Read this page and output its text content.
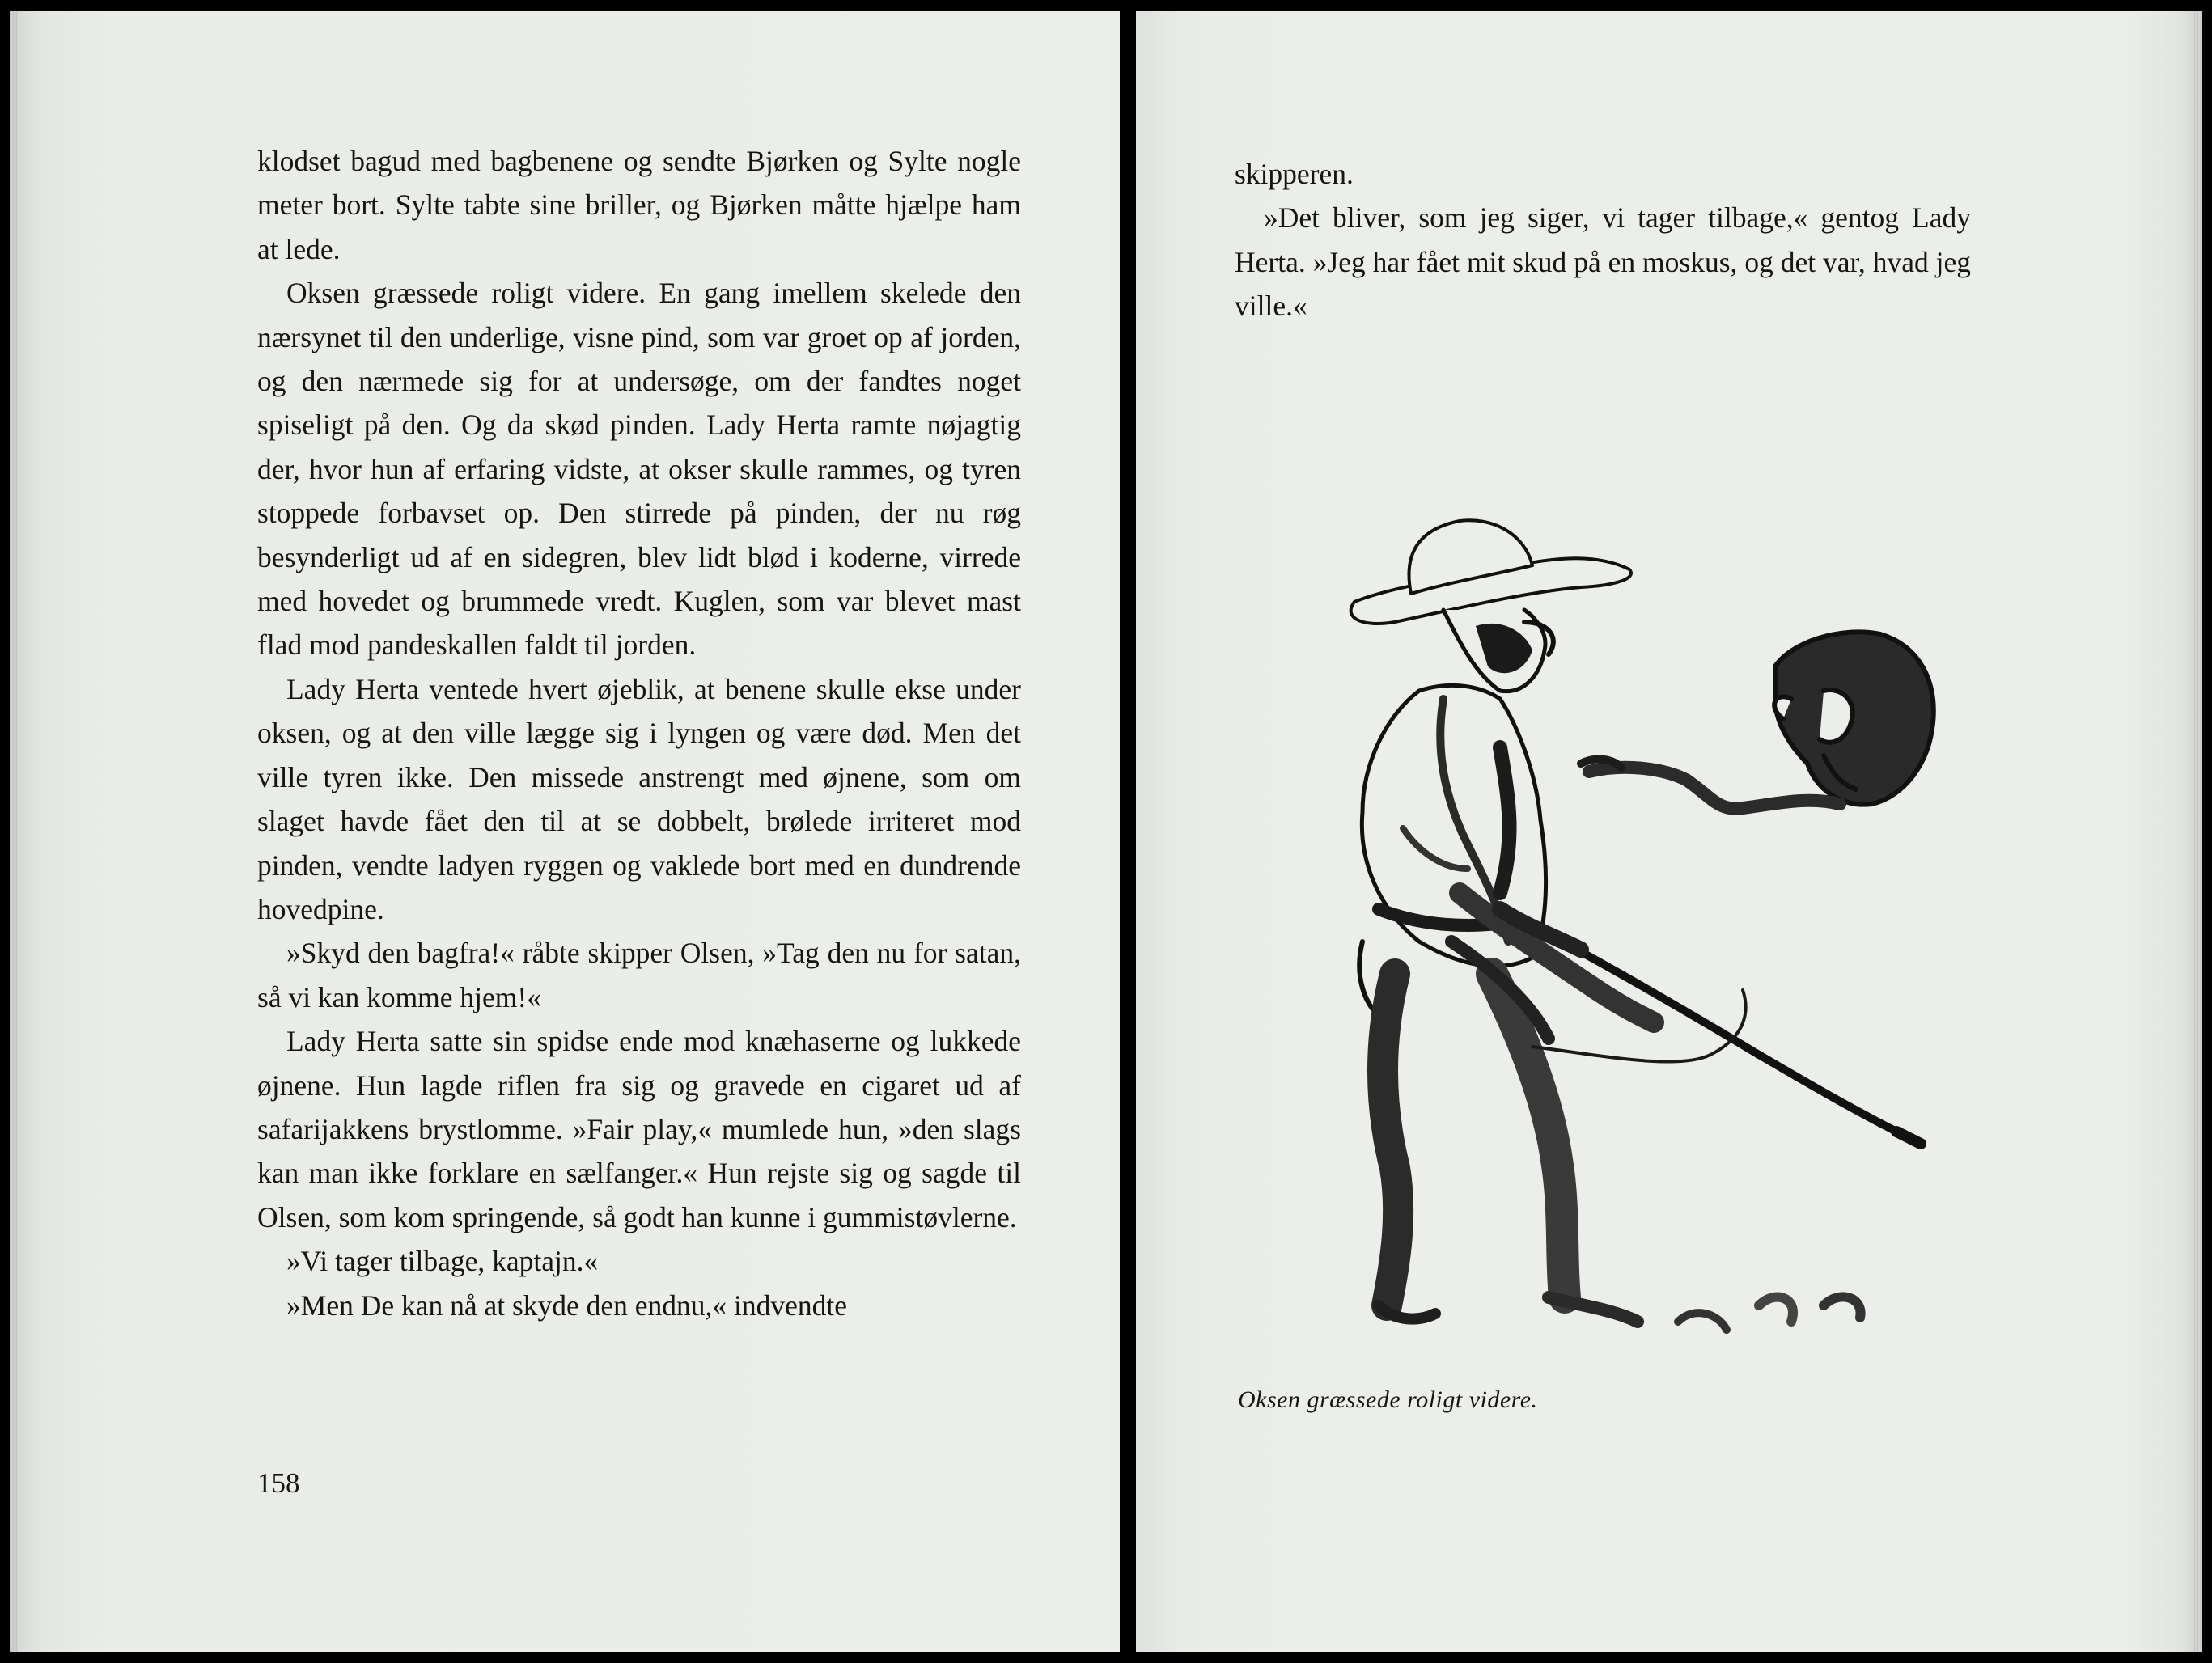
klodset bagud med bagbenene og sendte Bjørken og Sylte nogle meter bort. Sylte tabte sine briller, og Bjørken måtte hjælpe ham at lede.

Oksen græssede roligt videre. En gang imellem skelede den nærsynet til den underlige, visne pind, som var groet op af jorden, og den nærmede sig for at undersøge, om der fandtes noget spiseligt på den. Og da skød pinden. Lady Herta ramte nøjagtig der, hvor hun af erfaring vidste, at okser skulle rammes, og tyren stoppede forbavset op. Den stirrede på pinden, der nu røg besynderligt ud af en sidegren, blev lidt blød i koderne, virrede med hovedet og brummede vredt. Kuglen, som var blevet mast flad mod pandeskallen faldt til jorden.

Lady Herta ventede hvert øjeblik, at benene skulle ekse under oksen, og at den ville lægge sig i lyngen og være død. Men det ville tyren ikke. Den missede anstrengt med øjnene, som om slaget havde fået den til at se dobbelt, brølede irriteret mod pinden, vendte ladyen ryggen og vaklede bort med en dundrende hovedpine.

»Skyd den bagfra!« råbte skipper Olsen, »Tag den nu for satan, så vi kan komme hjem!«

Lady Herta satte sin spidse ende mod knæhaserne og lukkede øjnene. Hun lagde riflen fra sig og gravede en cigaret ud af safarijakkens brystlomme. »Fair play,« mumlede hun, »den slags kan man ikke forklare en sælfanger.« Hun rejste sig og sagde til Olsen, som kom springende, så godt han kunne i gummistøvlerne.

»Vi tager tilbage, kaptajn.«

»Men De kan nå at skyde den endnu,« indvendte

158

skipperen.

»Det bliver, som jeg siger, vi tager tilbage,« gentog Lady Herta. »Jeg har fået mit skud på en moskus, og det var, hvad jeg ville.«

Oksen græssede roligt videre.
